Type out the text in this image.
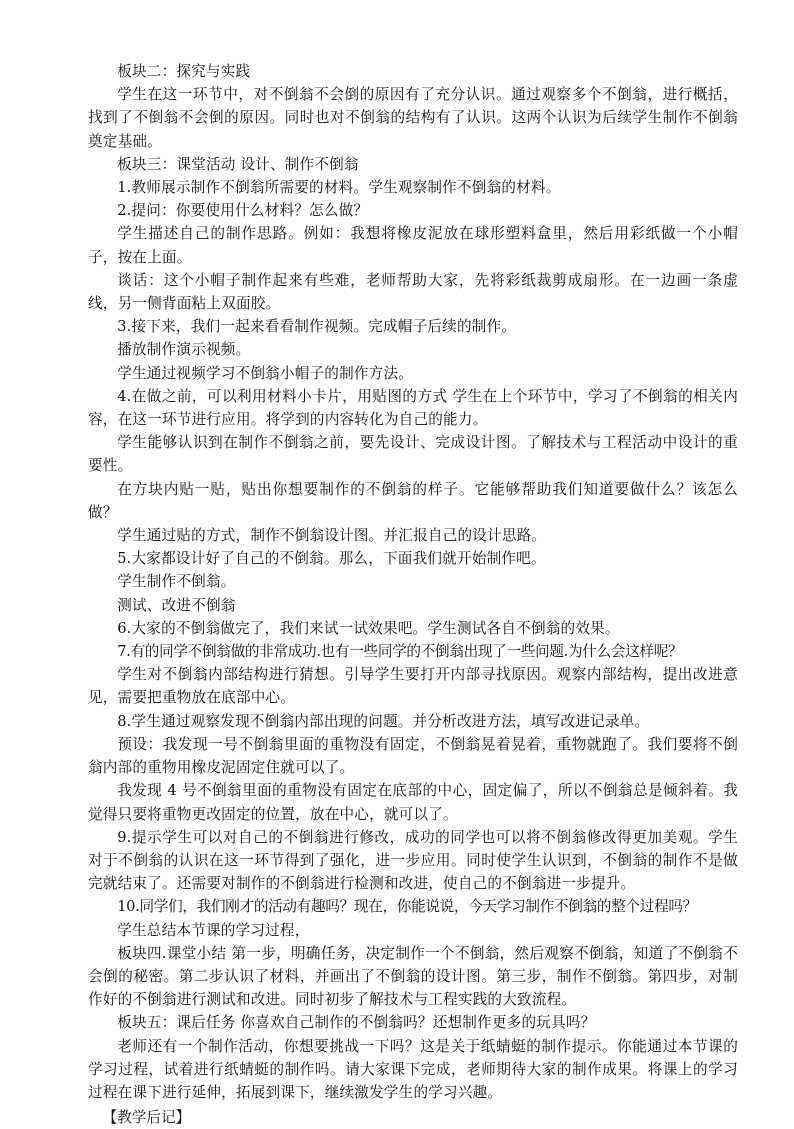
板块二：探究与实践

学生在这一环节中，对不倒翁不会倒的原因有了充分认识。通过观察多个不倒翁，进行概括，找到了不倒翁不会倒的原因。同时也对不倒翁的结构有了认识。这两个认识为后续学生制作不倒翁奠定基础。

板块三：课堂活动 设计、制作不倒翁

1.教师展示制作不倒翁所需要的材料。学生观察制作不倒翁的材料。

2.提问：你要使用什么材料？怎么做？

学生描述自己的制作思路。例如：我想将橡皮泥放在球形塑料盒里，然后用彩纸做一个小帽子，按在上面。

谈话：这个小帽子制作起来有些难，老师帮助大家，先将彩纸裁剪成扇形。在一边画一条虚线，另一侧背面粘上双面胶。

3.接下来，我们一起来看看制作视频。完成帽子后续的制作。

播放制作演示视频。

学生通过视频学习不倒翁小帽子的制作方法。

4.在做之前，可以利用材料小卡片，用贴图的方式 学生在上个环节中，学习了不倒翁的相关内容，在这一环节进行应用。将学到的内容转化为自己的能力。

学生能够认识到在制作不倒翁之前，要先设计、完成设计图。了解技术与工程活动中设计的重要性。

在方块内贴一贴，贴出你想要制作的不倒翁的样子。它能够帮助我们知道要做什么？该怎么做？

学生通过贴的方式，制作不倒翁设计图。并汇报自己的设计思路。

5.大家都设计好了自己的不倒翁。那么，下面我们就开始制作吧。

学生制作不倒翁。

测试、改进不倒翁

6.大家的不倒翁做完了，我们来试一试效果吧。学生测试各自不倒翁的效果。

7.有的同学不倒翁做的非常成功.也有一些同学的不倒翁出现了一些问题.为什么会这样呢？

学生对不倒翁内部结构进行猜想。引导学生要打开内部寻找原因。观察内部结构，提出改进意见，需要把重物放在底部中心。

8.学生通过观察发现不倒翁内部出现的问题。并分析改进方法，填写改进记录单。

预设：我发现一号不倒翁里面的重物没有固定，不倒翁晃着晃着，重物就跑了。我们要将不倒翁内部的重物用橡皮泥固定住就可以了。

我发现 4 号不倒翁里面的重物没有固定在底部的中心，固定偏了，所以不倒翁总是倾斜着。我觉得只要将重物更改固定的位置，放在中心，就可以了。

9.提示学生可以对自己的不倒翁进行修改，成功的同学也可以将不倒翁修改得更加美观。学生对于不倒翁的认识在这一环节得到了强化，进一步应用。同时使学生认识到，不倒翁的制作不是做完就结束了。还需要对制作的不倒翁进行检测和改进，使自己的不倒翁进一步提升。

10.同学们，我们刚才的活动有趣吗？现在，你能说说，今天学习制作不倒翁的整个过程吗？

学生总结本节课的学习过程，

板块四.课堂小结 第一步，明确任务，决定制作一个不倒翁，然后观察不倒翁，知道了不倒翁不会倒的秘密。第二步认识了材料，并画出了不倒翁的设计图。第三步，制作不倒翁。第四步，对制作好的不倒翁进行测试和改进。同时初步了解技术与工程实践的大致流程。

板块五：课后任务 你喜欢自己制作的不倒翁吗？还想制作更多的玩具吗？

老师还有一个制作活动，你想要挑战一下吗？这是关于纸蜻蜓的制作提示。你能通过本节课的学习过程，试着进行纸蜻蜓的制作吗。请大家课下完成，老师期待大家的制作成果。将课上的学习过程在课下进行延伸，拓展到课下，继续激发学生的学习兴趣。

【教学后记】
